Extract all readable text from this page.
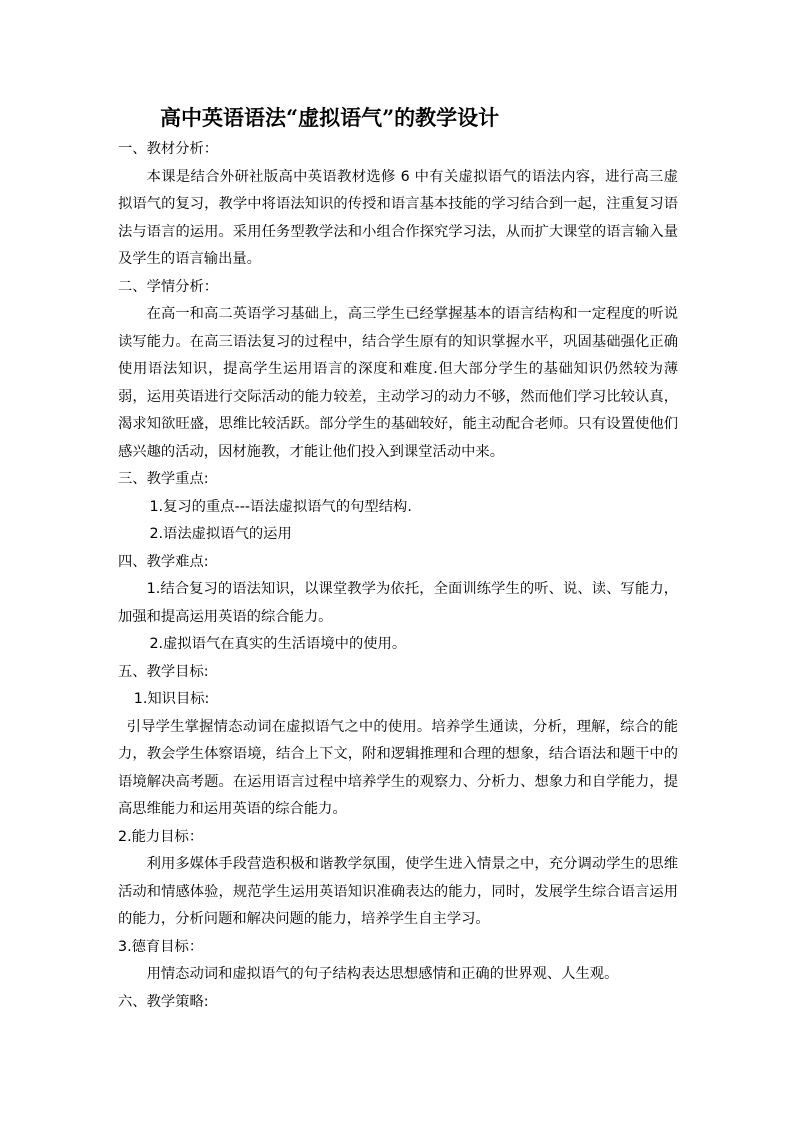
高中英语语法“虚拟语气”的教学设计
一、教材分析：

本课是结合外研社版高中英语教材选修 6 中有关虚拟语气的语法内容，进行高三虚拟语气的复习，教学中将语法知识的传授和语言基本技能的学习结合到一起，注重复习语法与语言的运用。采用任务型教学法和小组合作探究学习法，从而扩大课堂的语言输入量及学生的语言输出量。

二、学情分析：

在高一和高二英语学习基础上，高三学生已经掌握基本的语言结构和一定程度的听说读写能力。在高三语法复习的过程中，结合学生原有的知识掌握水平，巩固基础强化正确使用语法知识，提高学生运用语言的深度和难度.但大部分学生的基础知识仍然较为薄弱，运用英语进行交际活动的能力较差，主动学习的动力不够，然而他们学习比较认真，渴求知欲旺盛，思维比较活跃。部分学生的基础较好，能主动配合老师。只有设置使他们感兴趣的活动，因材施教，才能让他们投入到课堂活动中来。

三、教学重点:
1.复习的重点---语法虚拟语气的句型结构.
2.语法虚拟语气的运用
四、教学难点:

1.结合复习的语法知识，以课堂教学为依托，全面训练学生的听、说、读、写能力，加强和提高运用英语的综合能力。

2.虚拟语气在真实的生活语境中的使用。
五、教学目标:
1.知识目标:

引导学生掌握情态动词在虚拟语气之中的使用。培养学生通读，分析，理解，综合的能力，教会学生体察语境，结合上下文，附和逻辑推理和合理的想象，结合语法和题干中的语境解决高考题。在运用语言过程中培养学生的观察力、分析力、想象力和自学能力，提高思维能力和运用英语的综合能力。

2.能力目标：

利用多媒体手段营造积极和谐教学氛围，使学生进入情景之中，充分调动学生的思维活动和情感体验，规范学生运用英语知识准确表达的能力，同时，发展学生综合语言运用的能力，分析问题和解决问题的能力，培养学生自主学习。

3.德育目标：

用情态动词和虚拟语气的句子结构表达思想感情和正确的世界观、人生观。

六、教学策略:
